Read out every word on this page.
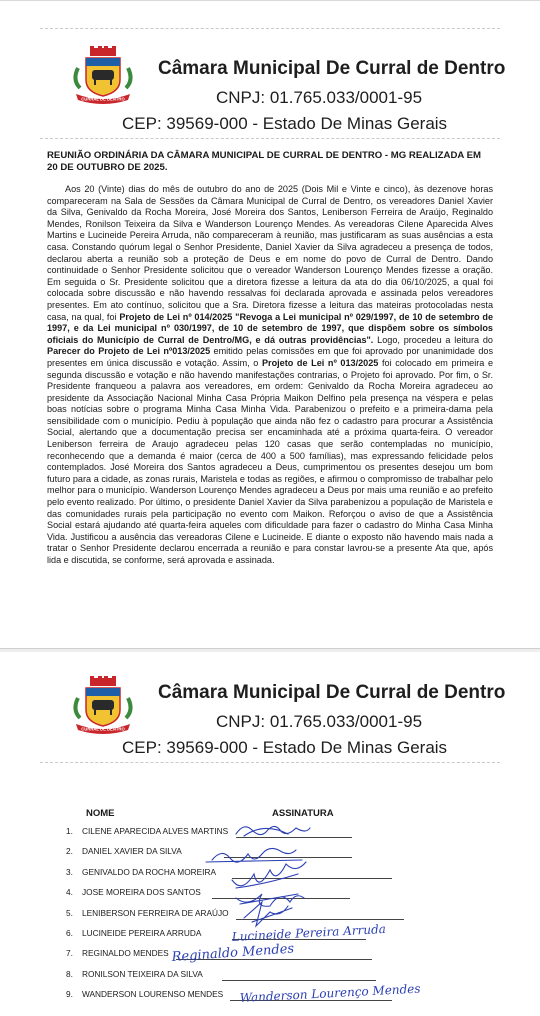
CURRAL DE DENTRO
Câmara Municipal De Curral de Dentro
CNPJ: 01.765.033/0001-95
CEP: 39569-000 - Estado De Minas Gerais
REUNIÃO ORDINÁRIA DA CÂMARA MUNICIPAL DE CURRAL DE DENTRO - MG REALIZADA EM 20 DE OUTUBRO DE 2025.
Aos 20 (Vinte) dias do mês de outubro do ano de 2025 (Dois Mil e Vinte e cinco), às dezenove horas compareceram na Sala de Sessões da Câmara Municipal de Curral de Dentro, os vereadores Daniel Xavier da Silva, Genivaldo da Rocha Moreira, José Moreira dos Santos, Leniberson Ferreira de Araújo, Reginaldo Mendes, Ronilson Teixeira da Silva e Wanderson Lourenço Mendes. As vereadoras Cilene Aparecida Alves Martins e Lucineide Pereira Arruda, não compareceram à reunião, mas justificaram as suas ausências a esta casa. Constando quórum legal o Senhor Presidente, Daniel Xavier da Silva agradeceu a presença de todos, declarou aberta a reunião sob a proteção de Deus e em nome do povo de Curral de Dentro. Dando continuidade o Senhor Presidente solicitou que o vereador Wanderson Lourenço Mendes fizesse a oração. Em seguida o Sr. Presidente solicitou que a diretora fizesse a leitura da ata do dia 06/10/2025, a qual foi colocada sobre discussão e não havendo ressalvas foi declarada aprovada e assinada pelos vereadores presentes. Em ato contínuo, solicitou que a Sra. Diretora fizesse a leitura das mateiras protocoladas nesta casa, na qual, foi Projeto de Lei nº 014/2025 "Revoga a Lei municipal nº 029/1997, de 10 de setembro de 1997, e da Lei municipal nº 030/1997, de 10 de setembro de 1997, que dispõem sobre os símbolos oficiais do Município de Curral de Dentro/MG, e dá outras providências". Logo, procedeu a leitura do Parecer do Projeto de Lei nº013/2025 emitido pelas comissões em que foi aprovado por unanimidade dos presentes em única discussão e votação. Assim, o Projeto de Lei nº 013/2025 foi colocado em primeira e segunda discussão e votação e não havendo manifestações contrarias, o Projeto foi aprovado. Por fim, o Sr. Presidente franqueou a palavra aos vereadores, em ordem: Genivaldo da Rocha Moreira agradeceu ao presidente da Associação Nacional Minha Casa Própria Maikon Delfino pela presença na véspera e pelas boas notícias sobre o programa Minha Casa Minha Vida. Parabenizou o prefeito e a primeira-dama pela sensibilidade com o município. Pediu à população que ainda não fez o cadastro para procurar a Assistência Social, alertando que a documentação precisa ser encaminhada até a próxima quarta-feira. O vereador Leniberson ferreira de Araujo agradeceu pelas 120 casas que serão contempladas no município, reconhecendo que a demanda é maior (cerca de 400 a 500 famílias), mas expressando felicidade pelos contemplados. José Moreira dos Santos agradeceu a Deus, cumprimentou os presentes desejou um bom futuro para a cidade, as zonas rurais, Maristela e todas as regiões, e afirmou o compromisso de trabalhar pelo melhor para o município. Wanderson Lourenço Mendes agradeceu a Deus por mais uma reunião e ao prefeito pelo evento realizado. Por último, o presidente Daniel Xavier da Silva parabenizou a população de Maristela e das comunidades rurais pela participação no evento com Maikon. Reforçou o aviso de que a Assistência Social estará ajudando até quarta-feira aqueles com dificuldade para fazer o cadastro do Minha Casa Minha Vida. Justificou a ausência das vereadoras Cilene e Lucineide. E diante o exposto não havendo mais nada a tratar o Senhor Presidente declarou encerrada a reunião e para constar lavrou-se a presente Ata que, após lida e discutida, se conforme, será aprovada e assinada.
CURRAL DE DENTRO
Câmara Municipal De Curral de Dentro
CNPJ: 01.765.033/0001-95
CEP: 39569-000 - Estado De Minas Gerais
NOME	ASSINATURA
1. CILENE APARECIDA ALVES MARTINS
2. DANIEL XAVIER DA SILVA
3. GENIVALDO DA ROCHA MOREIRA
4. JOSE MOREIRA DOS SANTOS
5. LENIBERSON FERREIRA DE ARAÚJO
6. LUCINEIDE PEREIRA ARRUDA
7. REGINALDO MENDES
8. RONILSON TEIXEIRA DA SILVA
9. WANDERSON LOURENSO MENDES
Lucineide Pereira Arruda
Reginaldo Mendes
Wanderson Lourenço Mendes
